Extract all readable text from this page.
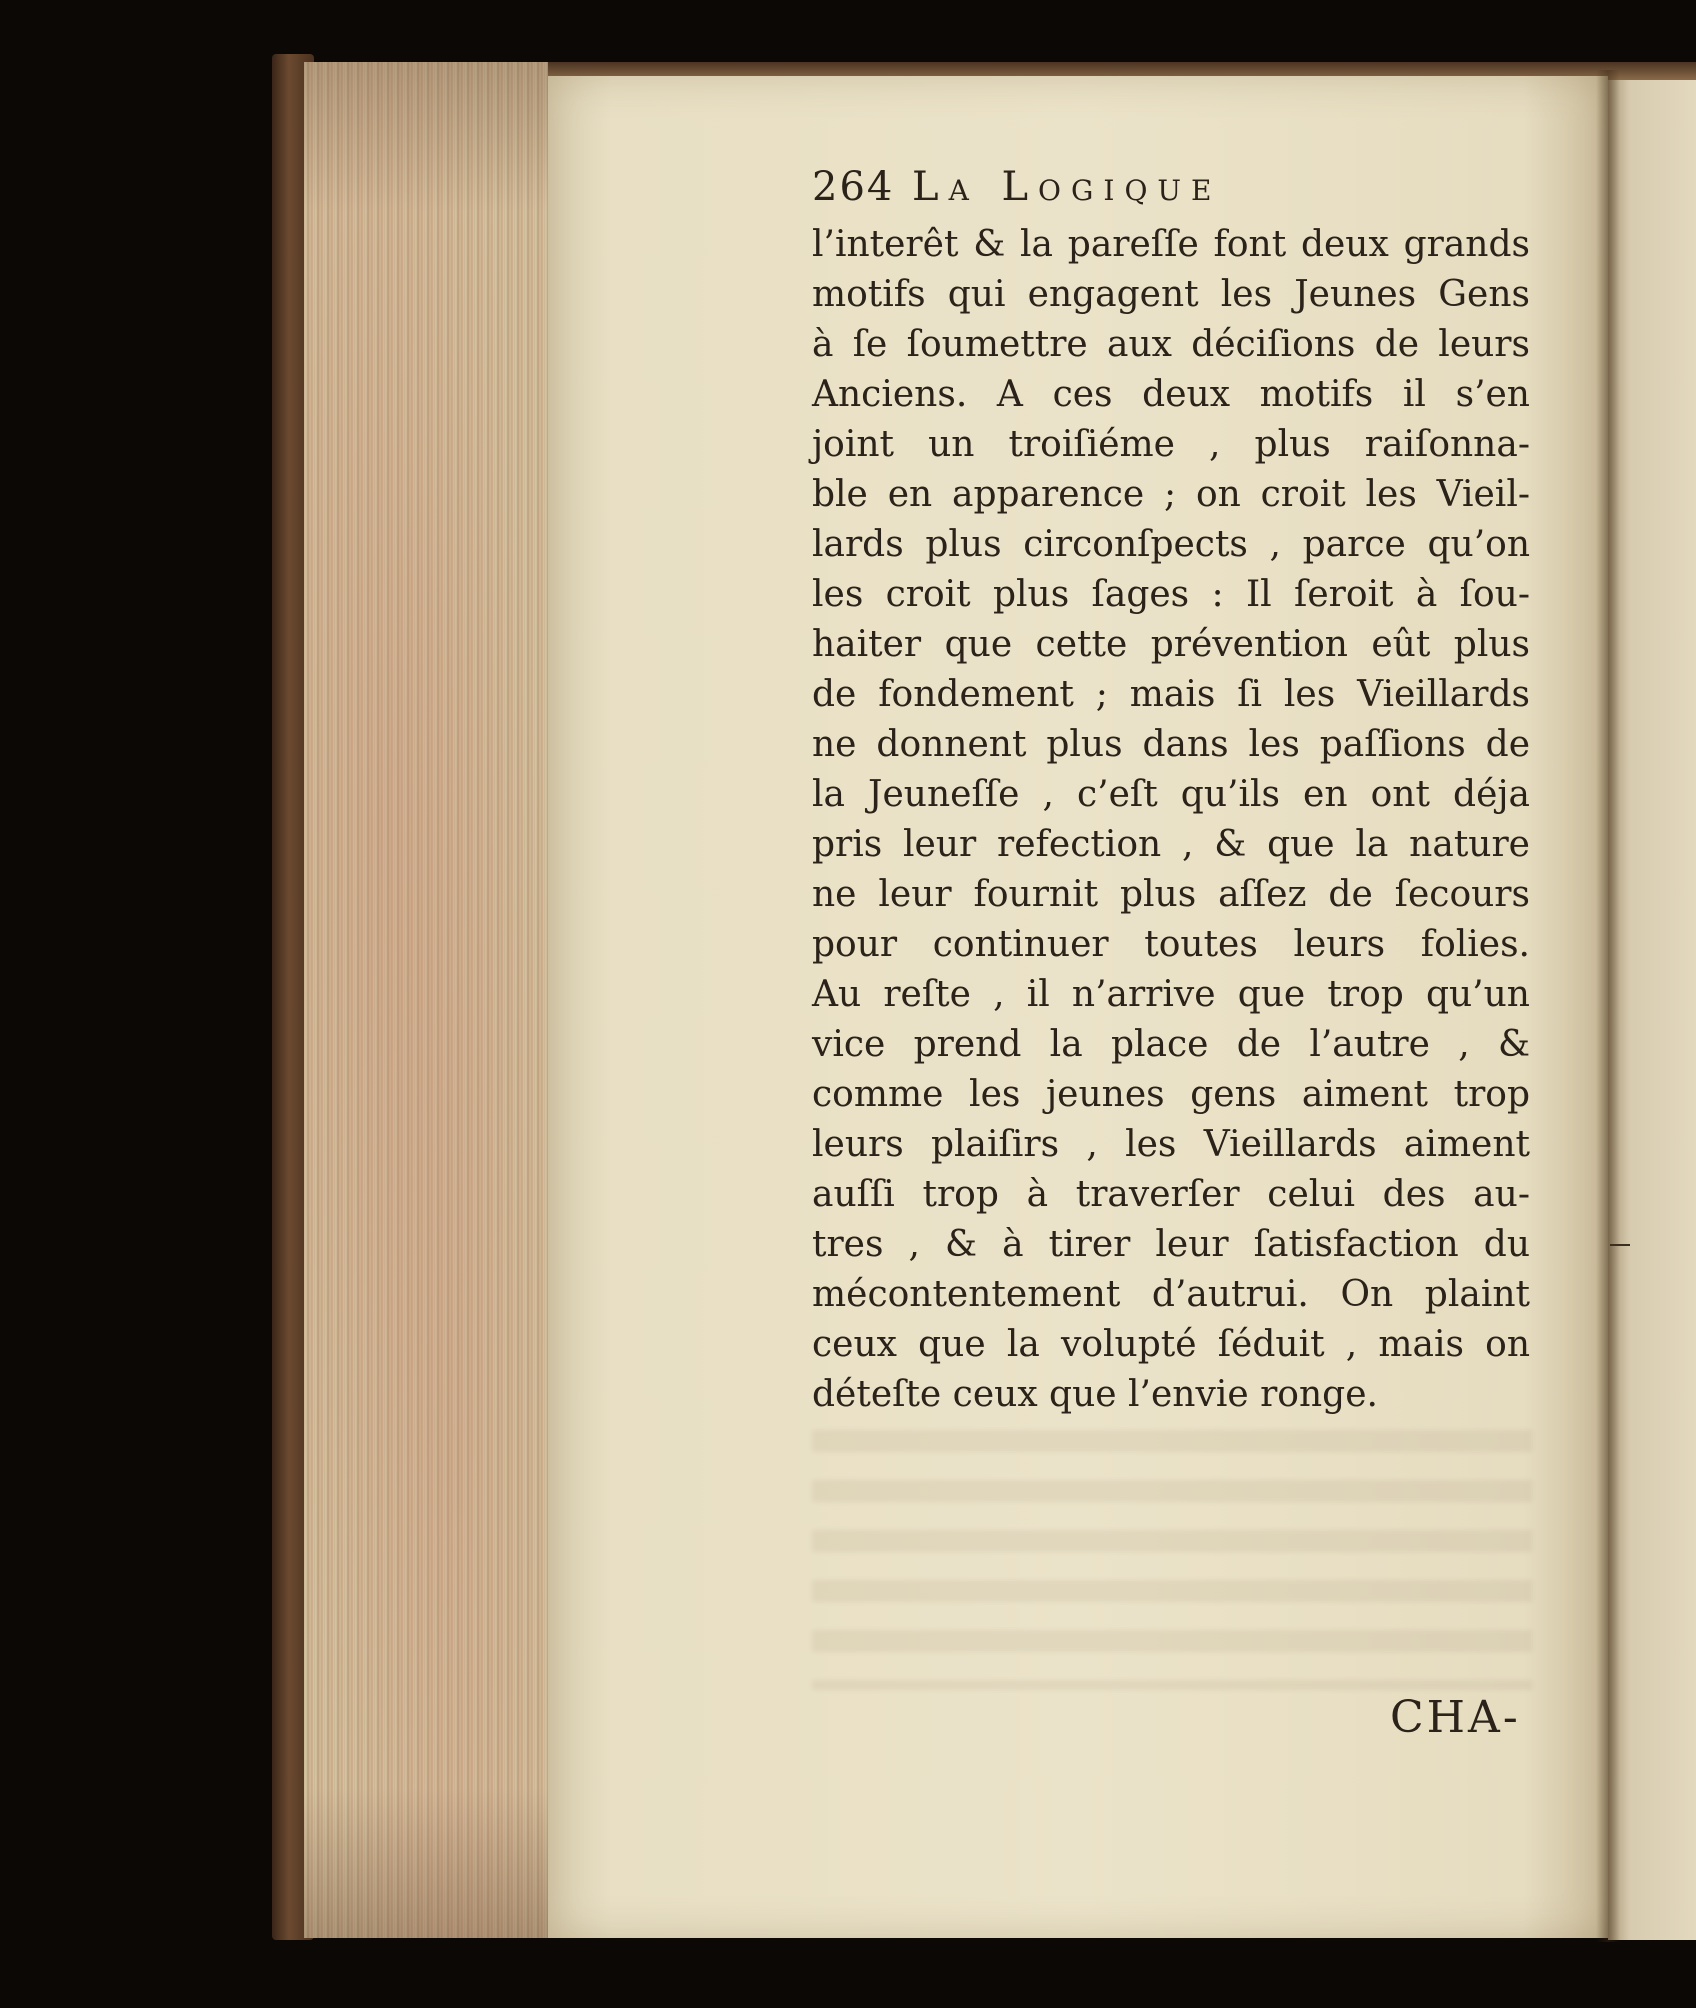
264 La Logique
l’interêt & la pareſſe font deux grands
motifs qui engagent les Jeunes Gens
à ſe ſoumettre aux déciſions de leurs
Anciens. A ces deux motifs il s’en
joint un troiſiéme , plus raiſonna-
ble en apparence ; on croit les Vieil-
lards plus circonſpects , parce qu’on
les croit plus ſages : Il ſeroit à ſou-
haiter que cette prévention eût plus
de fondement ; mais ſi les Vieillards
ne donnent plus dans les paſſions de
la Jeuneſſe , c’eſt qu’ils en ont déja
pris leur refection , & que la nature
ne leur fournit plus aſſez de ſecours
pour continuer toutes leurs folies.
Au reſte , il n’arrive que trop qu’un
vice prend la place de l’autre , &
comme les jeunes gens aiment trop
leurs plaiſirs , les Vieillards aiment
auſſi trop à traverſer celui des au-
tres , & à tirer leur ſatisfaction du
mécontentement d’autrui. On plaint
ceux que la volupté ſéduit , mais on
déteſte ceux que l’envie ronge.
CHA-
